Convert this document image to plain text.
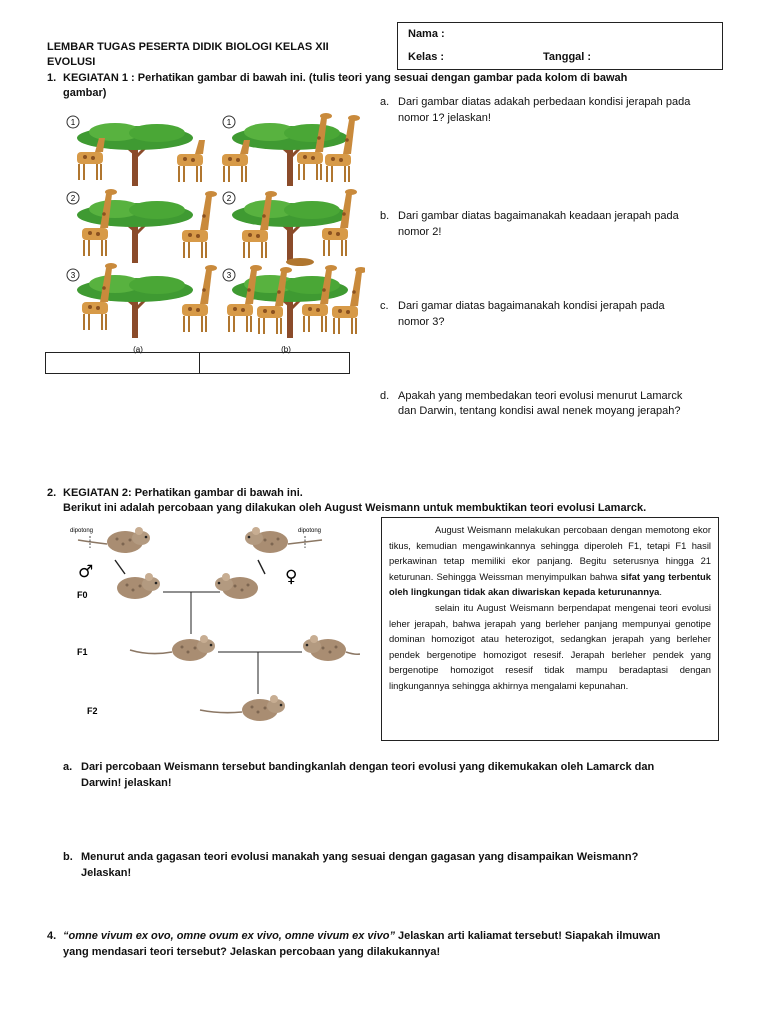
LEMBAR TUGAS PESERTA DIDIK BIOLOGI KELAS XII
EVOLUSI
Nama :
Kelas :	Tanggal :
1. KEGIATAN 1 : Perhatikan gambar di bawah ini. (tulis teori yang sesuai dengan gambar pada kolom di bawah
gambar)
1	1
2	2
3	3
(a)	(b)
a. Dari gambar diatas adakah perbedaan kondisi jerapah pada
nomor 1? jelaskan!
b. Dari gambar diatas bagaimanakah keadaan jerapah pada
nomor 2!
c. Dari gamar diatas bagaimanakah kondisi jerapah pada
nomor 3?
d. Apakah yang membedakan teori evolusi menurut Lamarck
dan Darwin, tentang kondisi awal nenek moyang jerapah?
2. KEGIATAN 2: Perhatikan gambar di bawah ini.
Berikut ini adalah percobaan yang dilakukan oleh August Weismann untuk membuktikan teori evolusi Lamarck.
dipotong	dipotong
♂	♀
F0
F1
F2

August Weismann melakukan percobaan dengan memotong ekor tikus, kemudian mengawinkannya sehingga diperoleh F1, tetapi F1 hasil perkawinan tetap memiliki ekor panjang. Begitu seterusnya hingga 21 keturunan. Sehingga Weissman menyimpulkan bahwa sifat yang terbentuk oleh lingkungan tidak akan diwariskan kepada keturunannya.

selain itu August Weismann berpendapat mengenai teori evolusi leher jerapah, bahwa jerapah yang berleher panjang mempunyai genotipe dominan homozigot atau heterozigot, sedangkan jerapah yang berleher pendek bergenotipe homozigot resesif. Jerapah berleher pendek yang bergenotipe homozigot resesif tidak mampu beradaptasi dengan lingkungannya sehingga akhirnya mengalami kepunahan.

a. Dari percobaan Weismann tersebut bandingkanlah dengan teori evolusi yang dikemukakan oleh Lamarck dan
Darwin! jelaskan!
b. Menurut anda gagasan teori evolusi manakah yang sesuai dengan gagasan yang disampaikan Weismann?
Jelaskan!
4. “omne vivum ex ovo, omne ovum ex vivo, omne vivum ex vivo” Jelaskan arti kaliamat tersebut! Siapakah ilmuwan
yang mendasari teori tersebut? Jelaskan percobaan yang dilakukannya!
